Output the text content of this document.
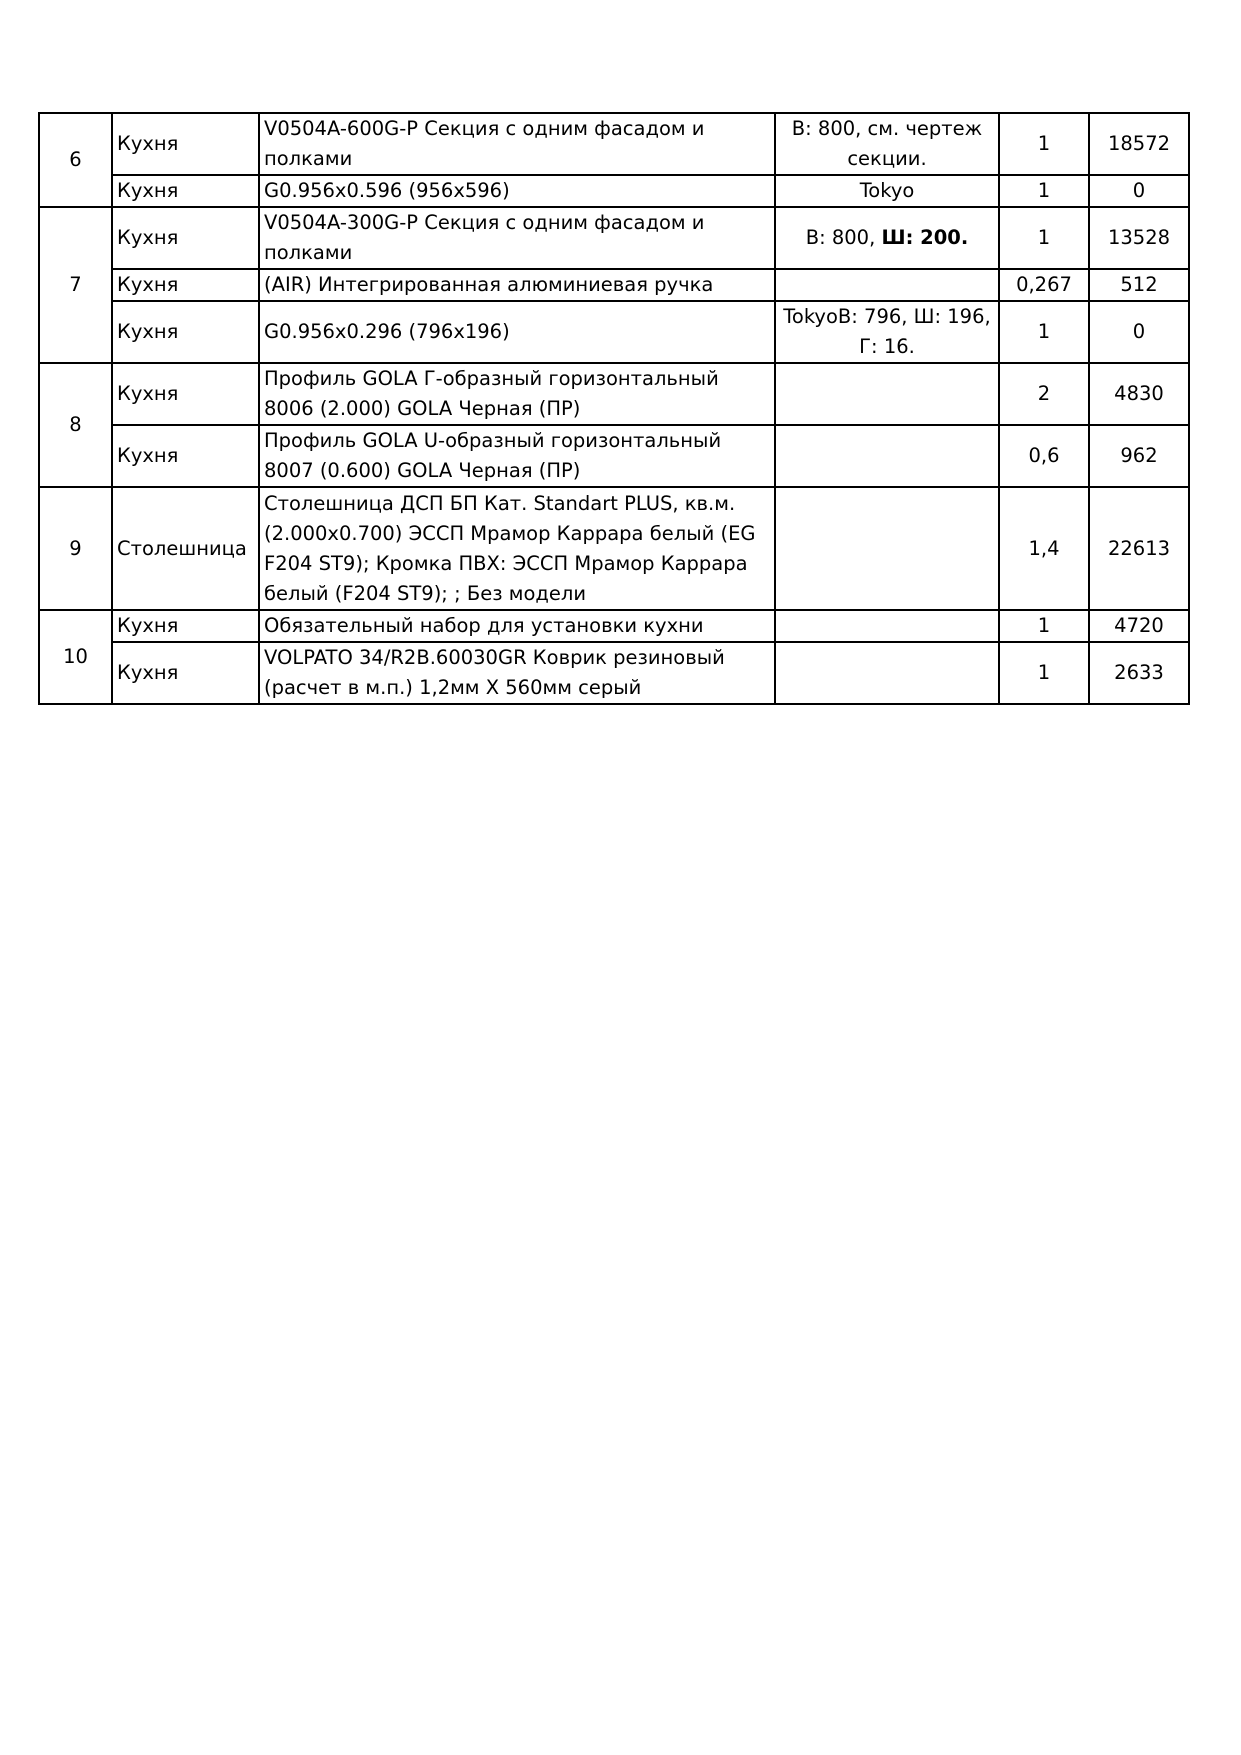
6	Кухня	V0504A-600G-P Секция с одним фасадом и полками	В: 800, см. чертеж секции.	1	18572
	Кухня	G0.956x0.596 (956х596)	Tokyo	1	0
7	Кухня	V0504A-300G-P Секция с одним фасадом и полками	В: 800, Ш: 200.	1	13528
	Кухня	(AIR) Интегрированная алюминиевая ручка		0,267	512
	Кухня	G0.956x0.296 (796х196)	TokyoВ: 796, Ш: 196, Г: 16.	1	0
8	Кухня	Профиль GOLA Г-образный горизонтальный 8006 (2.000) GOLA Черная (ПР)		2	4830
	Кухня	Профиль GOLA U-образный горизонтальный 8007 (0.600) GOLA Черная (ПР)		0,6	962
9	Столешница	Столешница ДСП БП Кат. Standart PLUS, кв.м. (2.000x0.700) ЭССП Мрамор Каррара белый (EG F204 ST9); Кромка ПВХ: ЭССП Мрамор Каррара белый (F204 ST9); ; Без модели		1,4	22613
10	Кухня	Обязательный набор для установки кухни		1	4720
	Кухня	VOLPATO 34/R2B.60030GR Коврик резиновый (расчет в м.п.) 1,2мм Х 560мм серый		1	2633
